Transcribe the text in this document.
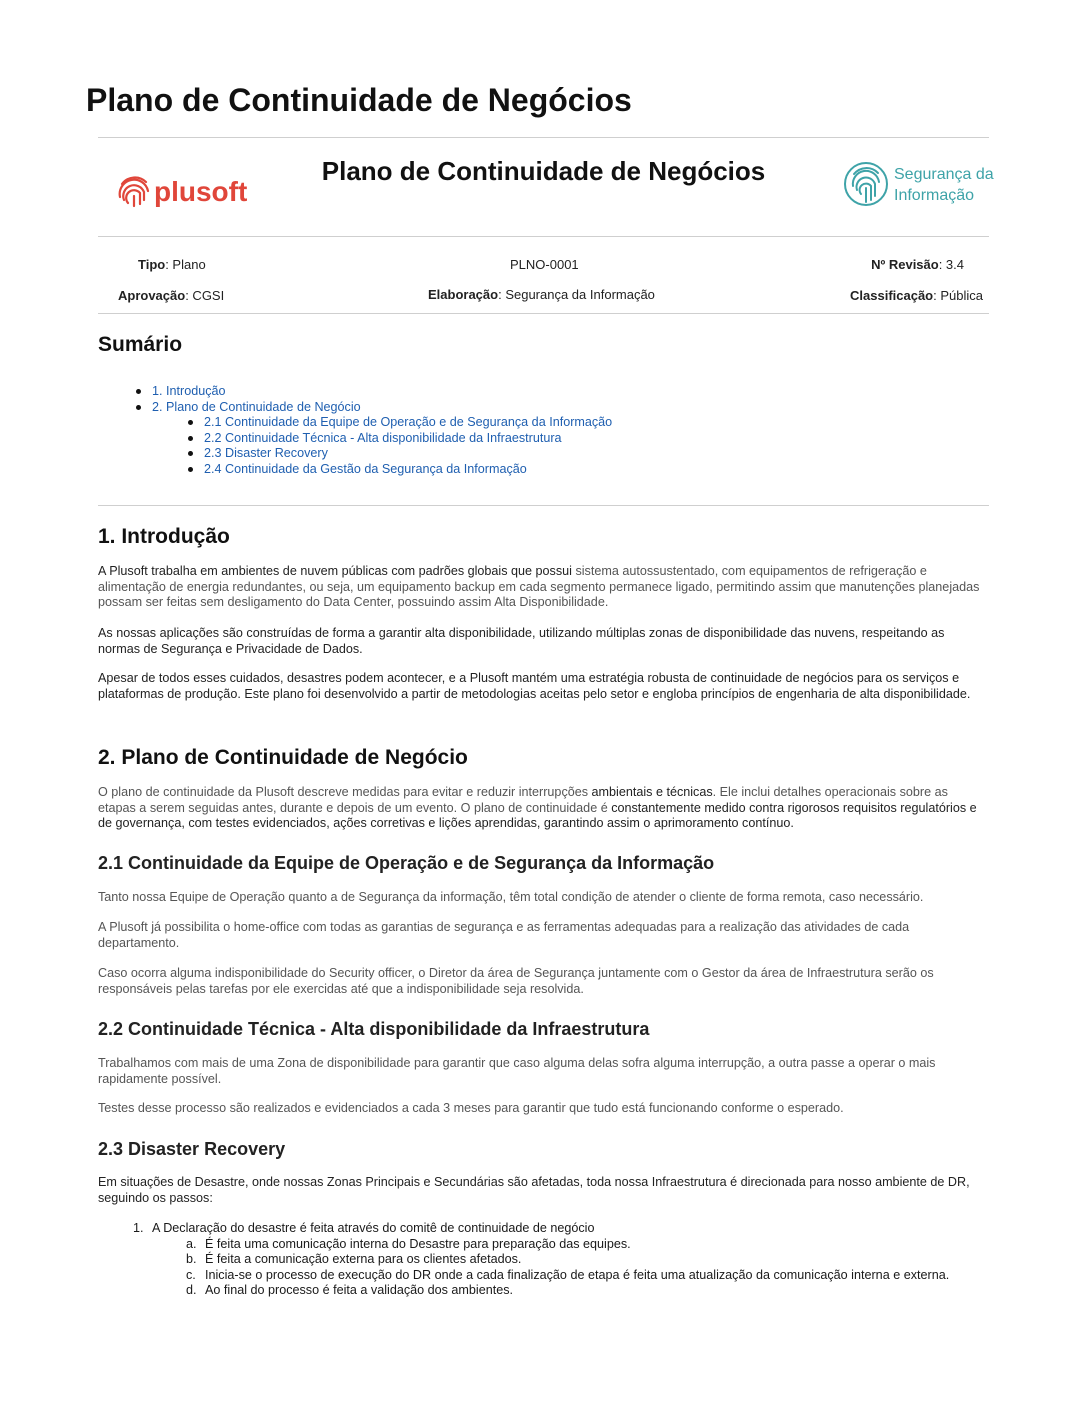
Plano de Continuidade de Negócios
plusoft
Plano de Continuidade de Negócios	Segurança da
Informação
Tipo: Plano	PLNO-0001	Nº Revisão: 3.4
Aprovação: CGSI	Elaboração: Segurança da Informação	Classificação: Pública
Sumário
1. Introdução
2. Plano de Continuidade de Negócio
2.1 Continuidade da Equipe de Operação e de Segurança da Informação
2.2 Continuidade Técnica - Alta disponibilidade da Infraestrutura
2.3 Disaster Recovery
2.4 Continuidade da Gestão da Segurança da Informação
1. Introdução

A Plusoft trabalha em ambientes de nuvem públicas com padrões globais que possui sistema autossustentado, com equipamentos de refrigeração e alimentação de energia redundantes, ou seja, um equipamento backup em cada segmento permanece ligado, permitindo assim que manutenções planejadas possam ser feitas sem desligamento do Data Center, possuindo assim Alta Disponibilidade.

As nossas aplicações são construídas de forma a garantir alta disponibilidade, utilizando múltiplas zonas de disponibilidade das nuvens, respeitando as normas de Segurança e Privacidade de Dados.

Apesar de todos esses cuidados, desastres podem acontecer, e a Plusoft mantém uma estratégia robusta de continuidade de negócios para os serviços e plataformas de produção. Este plano foi desenvolvido a partir de metodologias aceitas pelo setor e engloba princípios de engenharia de alta disponibilidade.

2. Plano de Continuidade de Negócio

O plano de continuidade da Plusoft descreve medidas para evitar e reduzir interrupções ambientais e técnicas. Ele inclui detalhes operacionais sobre as etapas a serem seguidas antes, durante e depois de um evento. O plano de continuidade é constantemente medido contra rigorosos requisitos regulatórios e de governança, com testes evidenciados, ações corretivas e lições aprendidas, garantindo assim o aprimoramento contínuo.

2.1 Continuidade da Equipe de Operação e de Segurança da Informação

Tanto nossa Equipe de Operação quanto a de Segurança da informação, têm total condição de atender o cliente de forma remota, caso necessário.

A Plusoft já possibilita o home-office com todas as garantias de segurança e as ferramentas adequadas para a realização das atividades de cada departamento.

Caso ocorra alguma indisponibilidade do Security officer, o Diretor da área de Segurança juntamente com o Gestor da área de Infraestrutura serão os responsáveis pelas tarefas por ele exercidas até que a indisponibilidade seja resolvida.

2.2 Continuidade Técnica - Alta disponibilidade da Infraestrutura

Trabalhamos com mais de uma Zona de disponibilidade para garantir que caso alguma delas sofra alguma interrupção, a outra passe a operar o mais rapidamente possível.

Testes desse processo são realizados e evidenciados a cada 3 meses para garantir que tudo está funcionando conforme o esperado.

2.3 Disaster Recovery

Em situações de Desastre, onde nossas Zonas Principais e Secundárias são afetadas, toda nossa Infraestrutura é direcionada para nosso ambiente de DR, seguindo os passos:

1. A Declaração do desastre é feita através do comitê de continuidade de negócio
a. É feita uma comunicação interna do Desastre para preparação das equipes.
b. É feita a comunicação externa para os clientes afetados.
c. Inicia-se o processo de execução do DR onde a cada finalização de etapa é feita uma atualização da comunicação interna e externa.
d. Ao final do processo é feita a validação dos ambientes.
